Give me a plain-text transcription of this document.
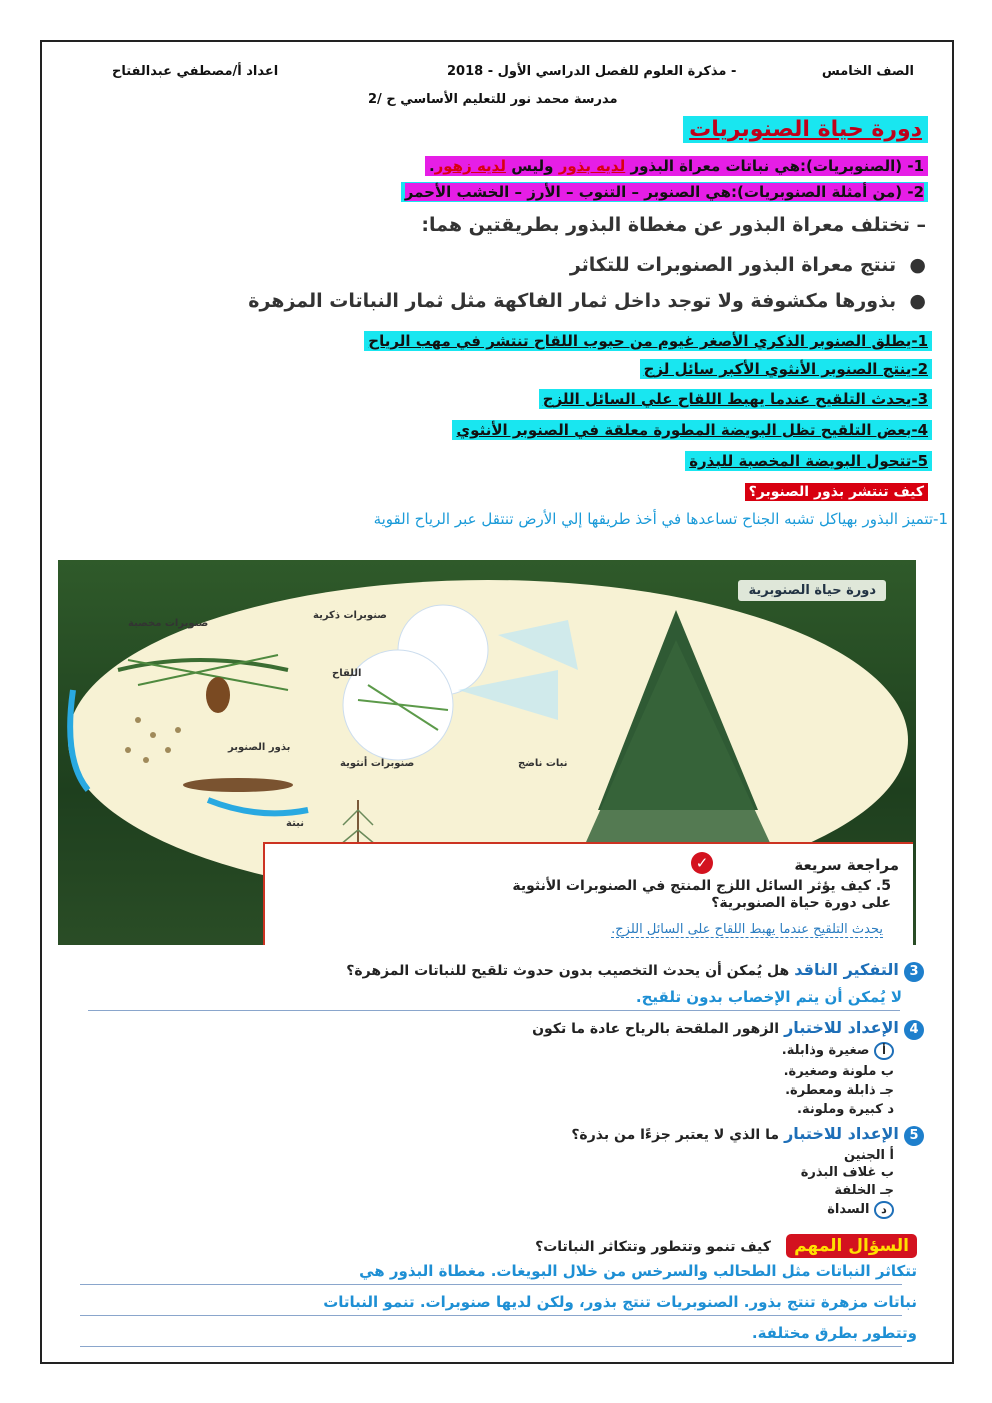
الصف الخامس
- مذكرة العلوم للفصل الدراسي الأول - 2018
اعداد أ/مصطفي عبدالفتاح
مدرسة محمد نور للتعليم الأساسي ح /2
دورة حياة الصنوبريات
1- (الصنوبريات):هي نباتات معراة البذور لديه بذور وليس لديه زهور.
2- (من أمثلة الصنوبريات):هي الصنوبر – التنوب – الأرز – الخشب الأحمر
– تختلف معراة البذور عن مغطاة البذور بطريقتين هما:
●  تنتج معراة البذور الصنوبرات للتكاثر
●  بذورها مكشوفة ولا توجد داخل ثمار الفاكهة مثل ثمار النباتات المزهرة
1-يطلق الصنوبر الذكري الأصغر غيوم من حبوب اللقاح تنتشر في مهب الرياح
2-ينتج الصنوبر الأنثوي الأكبر سائل لزج
3-يحدث التلقيح عندما يهبط اللقاح علي السائل اللزج
4-بعض التلقيح تظل البويضة المطورة معلقة في الصنوبر الأنثوي
5-تتحول البويضة المخصبة للبذرة
كيف تنتشر بذور الصنوبر؟
1-تتميز البذور بهياكل تشبه الجناح تساعدها في أخذ طريقها إلي الأرض تنتقل عبر الرياح القوية
دورة حياة الصنوبرية
صنوبرات مخصبة
صنوبرات ذكرية
اللقاح
نبات ناضج
صنوبرات أنثوية
بذور الصنوبر
نبتة
✓	مراجعة سريعة
5. كيف يؤثر السائل اللزج المنتج في الصنوبرات الأنثوية
على دورة حياة الصنوبرية؟
يحدث التلقيح عندما يهبط اللقاح على السائل اللزج.
3 التفكير الناقد هل يُمكن أن يحدث التخصيب بدون حدوث تلقيح للنباتات المزهرة؟
لا يُمكن أن يتم الإخصاب بدون تلقيح.
4 الإعداد للاختبار الزهور الملقحة بالرياح عادة ما تكون
أ صغيرة وذابلة.
ب ملونة وصغيرة.
جـ ذابلة ومعطرة.
د كبيرة وملونة.
5 الإعداد للاختبار ما الذي لا يعتبر جزءًا من بذرة؟
أ الجنين
ب غلاف البذرة
جـ الخلفة
د السداة
السؤال المهم   كيف تنمو وتتطور وتتكاثر النباتات؟
تتكاثر النباتات مثل الطحالب والسرخس من خلال البويغات. مغطاة البذور هي
نباتات مزهرة تنتج بذور. الصنوبريات تنتج بذور، ولكن لديها صنوبرات. تنمو النباتات
وتتطور بطرق مختلفة.
